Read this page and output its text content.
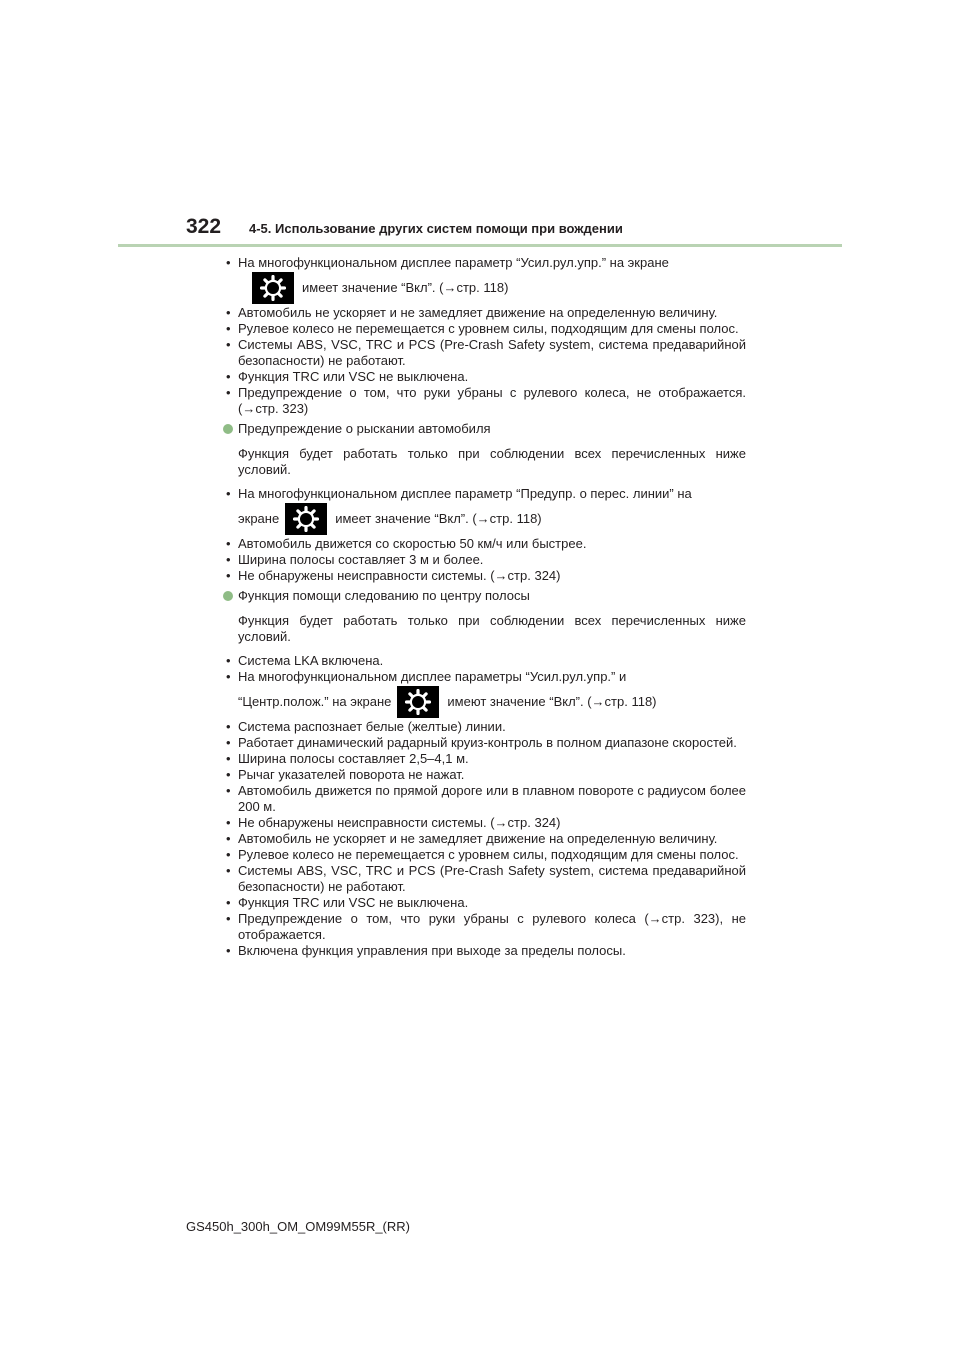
322 4-5. Использование других систем помощи при вождении
• На многофункциональном дисплее параметр “Усил.рул.упр.” на экране
имеет значение “Вкл”. (→стр. 118)
• Автомобиль не ускоряет и не замедляет движение на определенную величину.
• Рулевое колесо не перемещается с уровнем силы, подходящим для смены полос.
• Системы ABS, VSC, TRC и PCS (Pre-Crash Safety system, система предаварийной безопасности) не работают.
• Функция TRC или VSC не выключена.
• Предупреждение о том, что руки убраны с рулевого колеса, не отображается. (→стр. 323)
Предупреждение о рыскании автомобиля
Функция будет работать только при соблюдении всех перечисленных ниже условий.
• На многофункциональном дисплее параметр “Предупр. о перес. линии” на
экране	имеет значение “Вкл”. (→стр. 118)
• Автомобиль движется со скоростью 50 км/ч или быстрее.
• Ширина полосы составляет 3 м и более.
• Не обнаружены неисправности системы. (→стр. 324)
Функция помощи следованию по центру полосы
Функция будет работать только при соблюдении всех перечисленных ниже условий.
• Система LKA включена.
• На многофункциональном дисплее параметры “Усил.рул.упр.” и
“Центр.полож.” на экране	имеют значение “Вкл”. (→стр. 118)
• Система распознает белые (желтые) линии.
• Работает динамический радарный круиз-контроль в полном диапазоне скоростей.
• Ширина полосы составляет 2,5–4,1 м.
• Рычаг указателей поворота не нажат.
• Автомобиль движется по прямой дороге или в плавном повороте с радиусом более 200 м.
• Не обнаружены неисправности системы. (→стр. 324)
• Автомобиль не ускоряет и не замедляет движение на определенную величину.
• Рулевое колесо не перемещается с уровнем силы, подходящим для смены полос.
• Системы ABS, VSC, TRC и PCS (Pre-Crash Safety system, система предаварийной безопасности) не работают.
• Функция TRC или VSC не выключена.
• Предупреждение о том, что руки убраны с рулевого колеса (→стр. 323), не отображается.
• Включена функция управления при выходе за пределы полосы.
GS450h_300h_OM_OM99M55R_(RR)
